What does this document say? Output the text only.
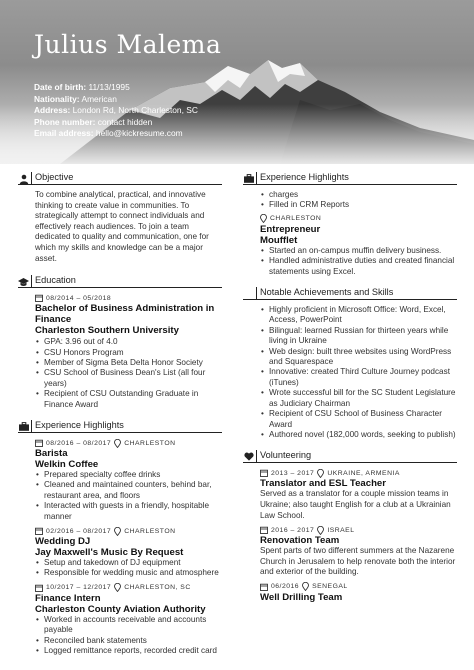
Julius Malema
Date of birth: 11/13/1995
Nationality: American
Address: London Rd, North Charleston, SC
Phone number: contact hidden
Email address: hello@kickresume.com
Objective
To combine analytical, practical, and innovative thinking to create value in communities. To strategically attempt to connect individuals and effectively reach audiences. To join a team dedicated to quality and communication, one for which my skills and knowledge can be a major asset.
Education
08/2014 – 05/2018
Bachelor of Business Administration in Finance
Charleston Southern University
• GPA: 3.96 out of 4.0
• CSU Honors Program
• Member of Sigma Beta Delta Honor Society
• CSU School of Business Dean's List (all four years)
• Recipient of CSU Outstanding Graduate in Finance Award
Experience Highlights
08/2016 – 08/2017 CHARLESTON
Barista
Welkin Coffee
• Prepared specialty coffee drinks
• Cleaned and maintained counters, behind bar, restaurant area, and floors
• Interacted with guests in a friendly, hospitable manner
02/2016 – 08/2017 CHARLESTON
Wedding DJ
Jay Maxwell's Music By Request
• Setup and takedown of DJ equipment
• Responsible for wedding music and atmosphere
10/2017 – 12/2017 CHARLESTON, SC
Finance Intern
Charleston County Aviation Authority
• Worked in accounts receivable and accounts payable
• Reconciled bank statements
• Logged remittance reports, recorded credit card
Experience Highlights
• charges
• Filled in CRM Reports
CHARLESTON
Entrepreneur
Moufflet
• Started an on-campus muffin delivery business.
• Handled administrative duties and created financial statements using Excel.
Notable Achievements and Skills
• Highly proficient in Microsoft Office: Word, Excel, Access, PowerPoint
• Bilingual: learned Russian for thirteen years while living in Ukraine
• Web design: built three websites using WordPress and Squarespace
• Innovative: created Third Culture Journey podcast (iTunes)
• Wrote successful bill for the SC Student Legislature as Judiciary Chairman
• Recipient of CSU School of Business Character Award
• Authored novel (182,000 words, seeking to publish)
Volunteering
2013 – 2017 UKRAINE, ARMENIA
Translator and ESL Teacher
Served as a translator for a couple mission teams in Ukraine; also taught English for a club at a Ukrainian Law School.
2016 – 2017 ISRAEL
Renovation Team
Spent parts of two different summers at the Nazarene Church in Jerusalem to help renovate both the interior and exterior of the building.
06/2016 SENEGAL
Well Drilling Team
